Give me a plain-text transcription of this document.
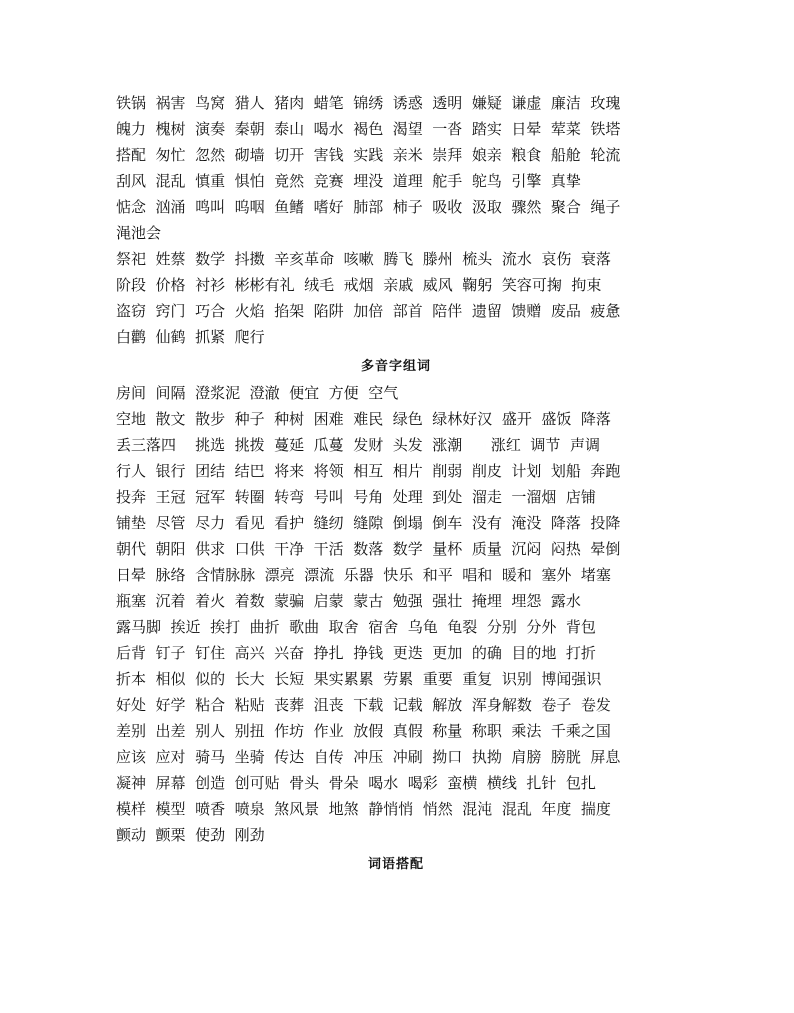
铁锅  祸害  鸟窝  猎人  猪肉  蜡笔  锦绣  诱惑  透明  嫌疑  谦虚  廉洁  玫瑰
魄力  槐树  演奏  秦朝  泰山  喝水  褐色  渴望  一沓  踏实  日晕  荤菜  铁塔
搭配  匆忙  忽然  砌墙  切开  害钱  实践  亲米  崇拜  娘亲  粮食  船舱  轮流
刮风  混乱  慎重  惧怕  竟然  竞赛  埋没  道理  舵手  鸵鸟  引擎  真挚
惦念  汹涌  鸣叫  呜咽  鱼鳍  嗜好  肺部  柿子  吸收  汲取  骤然  聚合  绳子
渑池会
祭祀  姓蔡  数学  抖擞  辛亥革命  咳嗽  腾飞  滕州  梳头  流水  哀伤  衰落
阶段  价格  衬衫  彬彬有礼  绒毛  戒烟  亲戚  威风  鞠躬  笑容可掬  拘束
盗窃  窍门  巧合  火焰  掐架  陷阱  加倍  部首  陪伴  遗留  馈赠  废品  疲惫
白鹳  仙鹤  抓紧  爬行
多音字组词
房间  间隔  澄浆泥  澄澈  便宜  方便  空气
空地  散文  散步  种子  种树  困难  难民  绿色  绿林好汉  盛开  盛饭  降落
丢三落四    挑选  挑拨  蔓延  瓜蔓  发财  头发  涨潮      涨红  调节  声调
行人  银行  团结  结巴  将来  将领  相互  相片  削弱  削皮  计划  划船  奔跑
投奔  王冠  冠军  转圈  转弯  号叫  号角  处理  到处  溜走  一溜烟  店铺
铺垫  尽管  尽力  看见  看护  缝纫  缝隙  倒塌  倒车  没有  淹没  降落  投降
朝代  朝阳  供求  口供  干净  干活  数落  数学  量杯  质量  沉闷  闷热  晕倒
日晕  脉络  含情脉脉  漂亮  漂流  乐器  快乐  和平  唱和  暖和  塞外  堵塞
瓶塞  沉着  着火  着数  蒙骗  启蒙  蒙古  勉强  强壮  掩埋  埋怨  露水
露马脚  挨近  挨打  曲折  歌曲  取舍  宿舍  乌龟  龟裂  分别  分外  背包
后背  钉子  钉住  高兴  兴奋  挣扎  挣钱  更迭  更加  的确  目的地  打折
折本  相似  似的  长大  长短  果实累累  劳累  重要  重复  识别  博闻强识
好处  好学  粘合  粘贴  丧葬  沮丧  下载  记载  解放  浑身解数  卷子  卷发
差别  出差  别人  别扭  作坊  作业  放假  真假  称量  称职  乘法  千乘之国
应该  应对  骑马  坐骑  传达  自传  冲压  冲刷  拗口  执拗  肩膀  膀胱  屏息
凝神  屏幕  创造  创可贴  骨头  骨朵  喝水  喝彩  蛮横  横线  扎针  包扎
模样  模型  喷香  喷泉  煞风景  地煞  静悄悄  悄然  混沌  混乱  年度  揣度
颤动  颤栗  使劲  刚劲
词语搭配
